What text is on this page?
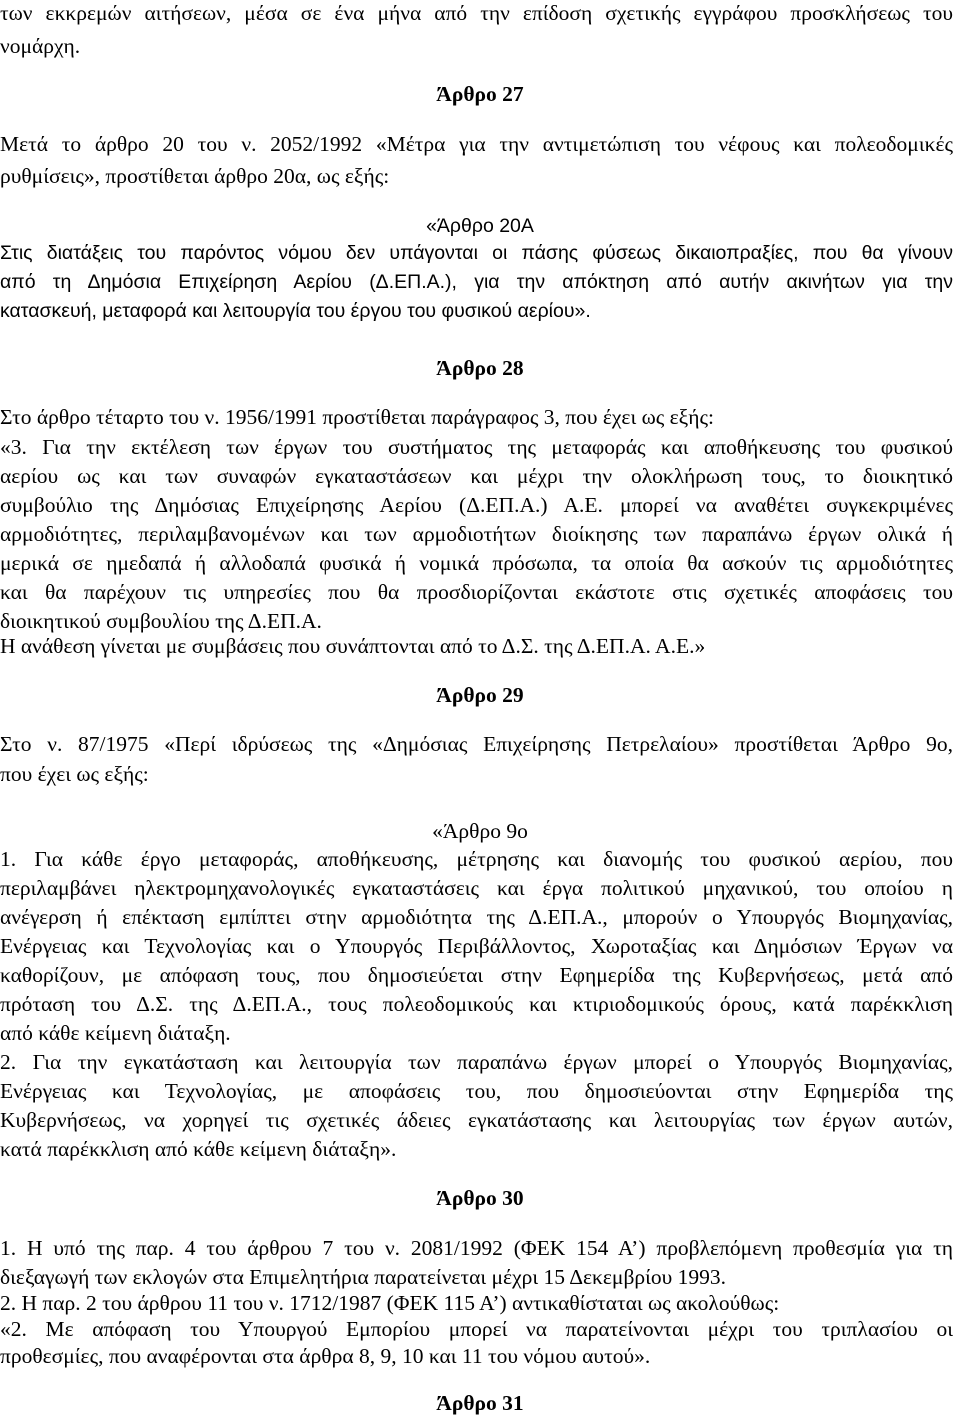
των εκκρεμών αιτήσεων, μέσα σε ένα μήνα από την επίδοση σχετικής εγγράφου προσκλήσεως του

νομάρχη.

Άρθρο 27

Μετά το άρθρο 20 του ν. 2052/1992 «Μέτρα για την αντιμετώπιση του νέφους και πολεοδομικές

ρυθμίσεις», προστίθεται άρθρο 20α, ως εξής:

«Άρθρο 20Α

Στις διατάξεις του παρόντος νόμου δεν υπάγονται οι πάσης φύσεως δικαιοπραξίες, που θα γίνουν

από τη Δημόσια Επιχείρηση Αερίου (Δ.ΕΠ.Α.), για την απόκτηση από αυτήν ακινήτων για την

κατασκευή, μεταφορά και λειτουργία του έργου του φυσικού αερίου».

Άρθρο 28

Στο άρθρο τέταρτο του ν. 1956/1991 προστίθεται παράγραφος 3, που έχει ως εξής:

«3. Για την εκτέλεση των έργων του συστήματος της μεταφοράς και αποθήκευσης του φυσικού

αερίου ως και των συναφών εγκαταστάσεων και μέχρι την ολοκλήρωση τους, το διοικητικό

συμβούλιο της Δημόσιας Επιχείρησης Αερίου (Δ.ΕΠ.Α.) Α.Ε. μπορεί να αναθέτει συγκεκριμένες

αρμοδιότητες, περιλαμβανομένων και των αρμοδιοτήτων διοίκησης των παραπάνω έργων ολικά ή

μερικά σε ημεδαπά ή αλλοδαπά φυσικά ή νομικά πρόσωπα, τα οποία θα ασκούν τις αρμοδιότητες

και θα παρέχουν τις υπηρεσίες που θα προσδιορίζονται εκάστοτε στις σχετικές αποφάσεις του

διοικητικού συμβουλίου της Δ.ΕΠ.Α.

Η ανάθεση γίνεται με συμβάσεις που συνάπτονται από το Δ.Σ. της Δ.ΕΠ.Α. Α.Ε.»

Άρθρο 29

Στο ν. 87/1975 «Περί ιδρύσεως της «Δημόσιας Επιχείρησης Πετρελαίου» προστίθεται Άρθρο 9ο,

που έχει ως εξής:

«Άρθρο 9ο

1. Για κάθε έργο μεταφοράς, αποθήκευσης, μέτρησης και διανομής του φυσικού αερίου, που

περιλαμβάνει ηλεκτρομηχανολογικές εγκαταστάσεις και έργα πολιτικού μηχανικού, του οποίου η

ανέγερση ή επέκταση εμπίπτει στην αρμοδιότητα της Δ.ΕΠ.Α., μπορούν ο Υπουργός Βιομηχανίας,

Ενέργειας και Τεχνολογίας και ο Υπουργός Περιβάλλοντος, Χωροταξίας και Δημόσιων Έργων να

καθορίζουν, με απόφαση τους, που δημοσιεύεται στην Εφημερίδα της Κυβερνήσεως, μετά από

πρόταση του Δ.Σ. της Δ.ΕΠ.Α., τους πολεοδομικούς και κτιριοδομικούς όρους, κατά παρέκκλιση

από κάθε κείμενη διάταξη.

2. Για την εγκατάσταση και λειτουργία των παραπάνω έργων μπορεί ο Υπουργός Βιομηχανίας,

Ενέργειας και Τεχνολογίας, με αποφάσεις του, που δημοσιεύονται στην Εφημερίδα της

Κυβερνήσεως, να χορηγεί τις σχετικές άδειες εγκατάστασης και λειτουργίας των έργων αυτών,

κατά παρέκκλιση από κάθε κείμενη διάταξη».

Άρθρο 30

1. Η υπό της παρ. 4 του άρθρου 7 του ν. 2081/1992 (ΦΕΚ 154 Α’) προβλεπόμενη προθεσμία για τη

διεξαγωγή των εκλογών στα Επιμελητήρια παρατείνεται μέχρι 15 Δεκεμβρίου 1993.

2. Η παρ. 2 του άρθρου 11 του ν. 1712/1987 (ΦΕΚ 115 Α’) αντικαθίσταται ως ακολούθως:

«2. Με απόφαση του Υπουργού Εμπορίου μπορεί να παρατείνονται μέχρι του τριπλασίου οι

προθεσμίες, που αναφέρονται στα άρθρα 8, 9, 10 και 11 του νόμου αυτού».

Άρθρο 31
